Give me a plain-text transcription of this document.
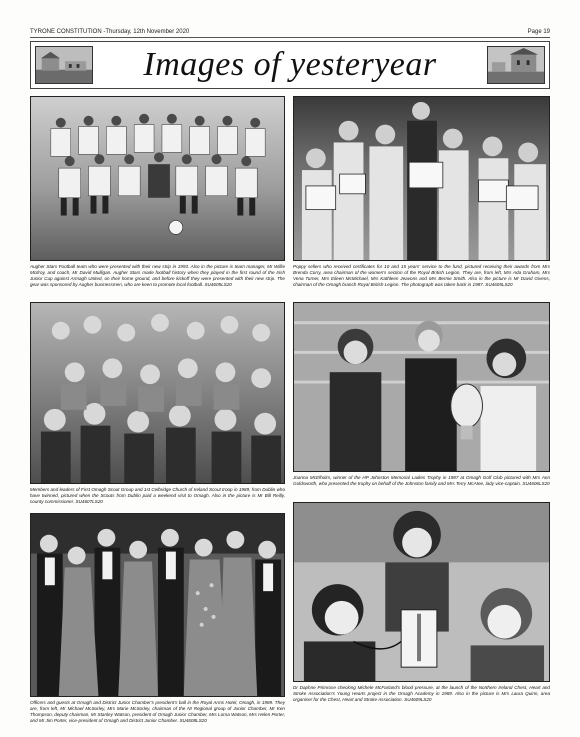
TYRONE CONSTITUTION -Thursday, 12th November 2020	Page 19
Images of yesteryear
Augher Stars Football team who were presented with their new strip in 1993. Also in the picture is team manager, Mr Willie McIlroy, and coach, Mr David Mulligan. Augher Stars made football history when they played in the first round of the Irish Junior Cup against Armagh United, on their home ground, and before kickoff they were presented with their new strip. The gear was sponsored by Augher businessmen, who are keen to promote local football. SU4605LS20
Poppy sellers who received certificates for 10 and 15 years' service to the fund, pictured receiving their awards from Mrs Brenda Corry, area chairman of the women's section of the Royal British Legion. They are, from left, Mrs Ada Graham, Mrs Vena Turner, Mrs Eileen McMichael, Mrs Kathleen Jeavons and Mrs Bernie Smith. Also in the picture is Mr David Givens, chairman of the Omagh branch Royal British Legion. The photograph was taken back in 1987. SU4605LS20
Members and leaders of First Omagh Scout Group and 1st Celbridge Church of Ireland Scout troop in 1989, from Dublin who have twinned, pictured when the Scouts from Dublin paid a weekend visit to Omagh. Also in the picture is Mr Bill Reilly, county commissioner. SU4607LS20
Joanna McElholm, winner of the HP Johnston Memorial Ladies Trophy in 1987 at Omagh Golf Club pictured with Mrs Ann Goldsworth, who presented the trophy on behalf of the Johnston family and Mrs Terry McAtee, lady vice-captain. SU4606LS20
Officers and guests at Omagh and District Junior Chamber's president's ball in the Royal Arms Hotel, Omagh, in 1989. They are, from left, Mr Michael McSorley, Mrs Marie McSorley, chairman of the NI Regional group of Junior Chamber, Mr Ken Thompson, deputy chairman, Mr Stanley Watson, president of Omagh Junior Chamber, Mrs Lorna Watson, Mrs Helen Porter, and Mr Jim Porter, vice-president of Omagh and District Junior Chamber. SU4608LS20
Dr Daphne Primrose checking Michele McFarland's blood pressure, at the launch of the Northern Ireland Chest, Heart and Stroke Association's Young Hearts project in the Omagh Academy in 1989. Also in the picture is Mrs Laura Quinn, area organiser for the Chest, Heart and Stroke Association. SU4609LS20
